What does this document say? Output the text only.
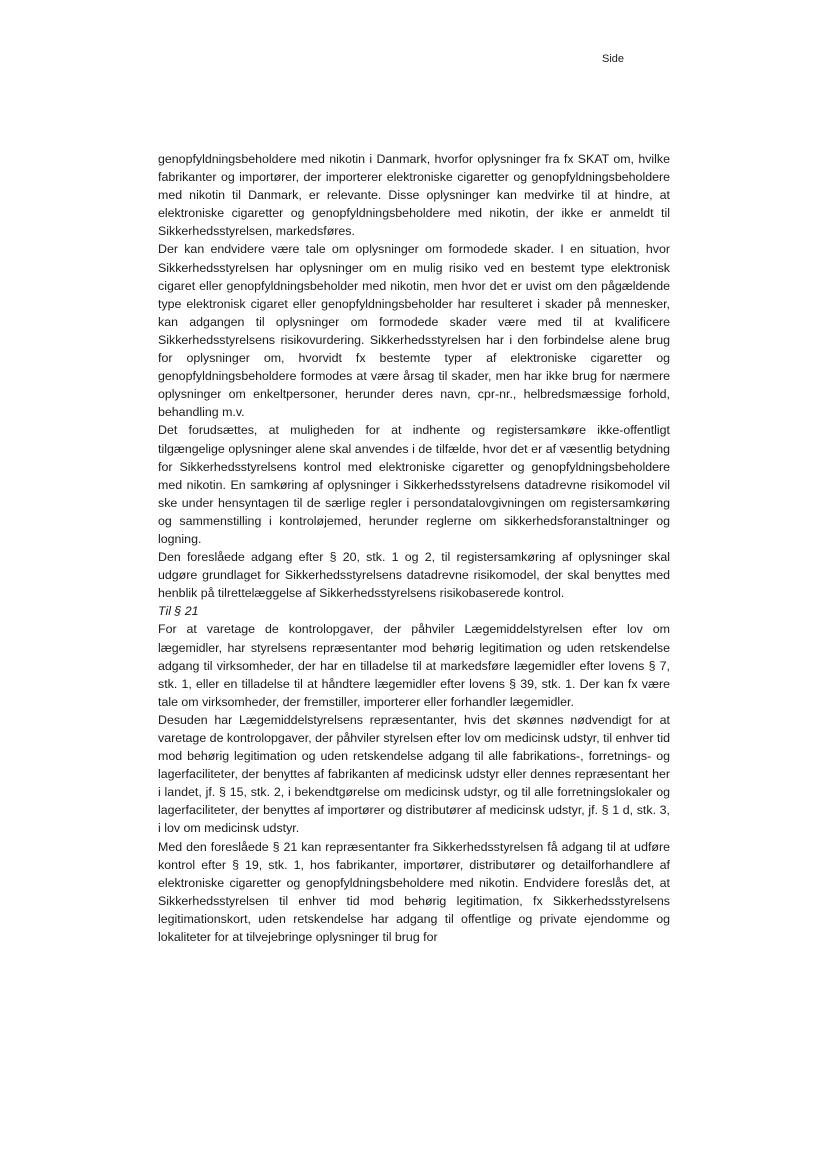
Side

genopfyldningsbeholdere med nikotin i Danmark, hvorfor oplysninger fra fx SKAT om, hvilke fabrikanter og importører, der importerer elektroniske cigaretter og genopfyldningsbeholdere med nikotin til Danmark, er relevante. Disse oplysninger kan medvirke til at hindre, at elektroniske cigaretter og genopfyldningsbeholdere med nikotin, der ikke er anmeldt til Sikkerhedsstyrelsen, markedsføres.

Der kan endvidere være tale om oplysninger om formodede skader. I en situation, hvor Sikkerhedsstyrelsen har oplysninger om en mulig risiko ved en bestemt type elektronisk cigaret eller genopfyldningsbeholder med nikotin, men hvor det er uvist om den pågældende type elektronisk cigaret eller genopfyldningsbeholder har resulteret i skader på mennesker, kan adgangen til oplysninger om formodede skader være med til at kvalificere Sikkerhedsstyrelsens risikovurdering. Sikkerhedsstyrelsen har i den forbindelse alene brug for oplysninger om, hvorvidt fx bestemte typer af elektroniske cigaretter og genopfyldningsbeholdere formodes at være årsag til skader, men har ikke brug for nærmere oplysninger om enkeltpersoner, herunder deres navn, cpr-nr., helbredsmæssige forhold, behandling m.v.

Det forudsættes, at muligheden for at indhente og registersamkøre ikke-offentligt tilgængelige oplysninger alene skal anvendes i de tilfælde, hvor det er af væsentlig betydning for Sikkerhedsstyrelsens kontrol med elektroniske cigaretter og genopfyldningsbeholdere med nikotin. En samkøring af oplysninger i Sikkerhedsstyrelsens datadrevne risikomodel vil ske under hensyntagen til de særlige regler i persondatalovgivningen om registersamkøring og sammenstilling i kontroløjemed, herunder reglerne om sikkerhedsforanstaltninger og logning.

Den foreslåede adgang efter § 20, stk. 1 og 2, til registersamkøring af oplysninger skal udgøre grundlaget for Sikkerhedsstyrelsens datadrevne risikomodel, der skal benyttes med henblik på tilrettelæggelse af Sikkerhedsstyrelsens risikobaserede kontrol.

Til § 21

For at varetage de kontrolopgaver, der påhviler Lægemiddelstyrelsen efter lov om lægemidler, har styrelsens repræsentanter mod behørig legitimation og uden retskendelse adgang til virksomheder, der har en tilladelse til at markedsføre lægemidler efter lovens § 7, stk. 1, eller en tilladelse til at håndtere lægemidler efter lovens § 39, stk. 1. Der kan fx være tale om virksomheder, der fremstiller, importerer eller forhandler lægemidler.

Desuden har Lægemiddelstyrelsens repræsentanter, hvis det skønnes nødvendigt for at varetage de kontrolopgaver, der påhviler styrelsen efter lov om medicinsk udstyr, til enhver tid mod behørig legitimation og uden retskendelse adgang til alle fabrikations-, forretnings- og lagerfaciliteter, der benyttes af fabrikanten af medicinsk udstyr eller dennes repræsentant her i landet, jf. § 15, stk. 2, i bekendtgørelse om medicinsk udstyr, og til alle forretningslokaler og lagerfaciliteter, der benyttes af importører og distributører af medicinsk udstyr, jf. § 1 d, stk. 3, i lov om medicinsk udstyr.

Med den foreslåede § 21 kan repræsentanter fra Sikkerhedsstyrelsen få adgang til at udføre kontrol efter § 19, stk. 1, hos fabrikanter, importører, distributører og detailforhandlere af elektroniske cigaretter og genopfyldningsbeholdere med nikotin. Endvidere foreslås det, at Sikkerhedsstyrelsen til enhver tid mod behørig legitimation, fx Sikkerhedsstyrelsens legitimationskort, uden retskendelse har adgang til offentlige og private ejendomme og lokaliteter for at tilvejebringe oplysninger til brug for
